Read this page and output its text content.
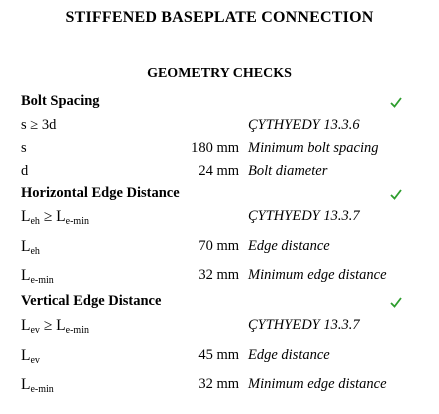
STIFFENED BASEPLATE CONNECTION
GEOMETRY CHECKS
Bolt Spacing
s ≥ 3d	ÇYTHYEDY 13.3.6
s	180 mm Minimum bolt spacing
d	24 mm Bolt diameter
Horizontal Edge Distance
$L_{eh} \ge L_{e-min}$	ÇYTHYEDY 13.3.7
$L_{eh}$	70 mm Edge distance
$L_{e-min}$	32 mm Minimum edge distance
Vertical Edge Distance
$L_{ev} \ge L_{e-min}$	ÇYTHYEDY 13.3.7
$L_{ev}$	45 mm Edge distance
$L_{e-min}$	32 mm Minimum edge distance
